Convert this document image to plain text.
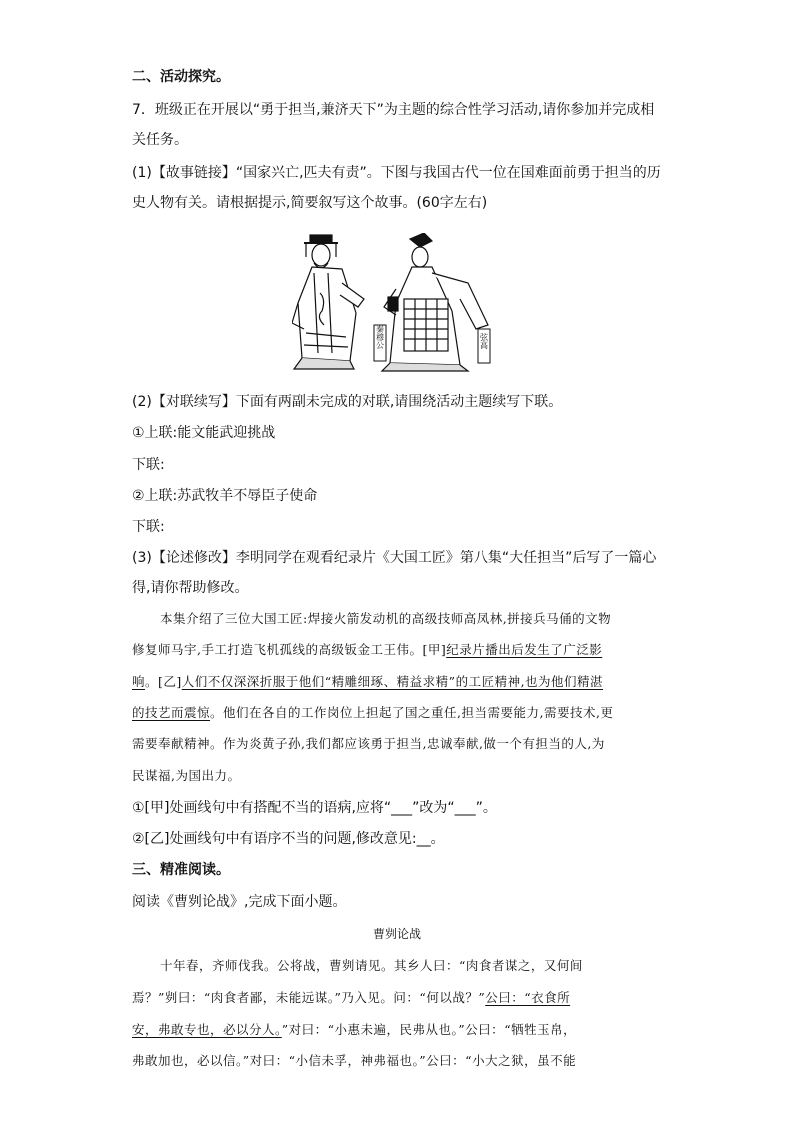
二、活动探究。
7．班级正在开展以“勇于担当,兼济天下”为主题的综合性学习活动,请你参加并完成相
关任务。
(1)【故事链接】“国家兴亡,匹夫有责”。下图与我国古代一位在国难面前勇于担当的历
史人物有关。请根据提示,简要叙写这个故事。(60字左右)
秦穆公	弦高
(2)【对联续写】下面有两副未完成的对联,请围绕活动主题续写下联。
①上联:能文能武迎挑战
下联:
②上联:苏武牧羊不辱臣子使命
下联:
(3)【论述修改】李明同学在观看纪录片《大国工匠》第八集“大任担当”后写了一篇心
得,请你帮助修改。
本集介绍了三位大国工匠:焊接火箭发动机的高级技师高凤林,拼接兵马俑的文物
修复师马宇,手工打造飞机孤线的高级钣金工王伟。[甲]纪录片播出后发生了广泛影
响。[乙]人们不仅深深折服于他们“精雕细琢、精益求精”的工匠精神,也为他们精湛
的技艺而震惊。他们在各自的工作岗位上担起了国之重任,担当需要能力,需要技术,更
需要奉献精神。作为炎黄子孙,我们都应该勇于担当,忠诚奉献,做一个有担当的人,为
民谋福,为国出力。
①[甲]处画线句中有搭配不当的语病,应将“___”改为“___”。
②[乙]处画线句中有语序不当的问题,修改意见:__。
三、精准阅读。
阅读《曹刿论战》,完成下面小题。
曹刿论战
十年春，齐师伐我。公将战，曹刿请见。其乡人曰：“肉食者谋之，又何间
焉？”刿曰：“肉食者鄙，未能远谋。”乃入见。问：“何以战？”公曰：“衣食所
安，弗敢专也，必以分人。”对曰：“小惠未遍，民弗从也。”公曰：“牺牲玉帛，
弗敢加也，必以信。”对曰：“小信未孚，神弗福也。”公曰：“小大之狱，虽不能
